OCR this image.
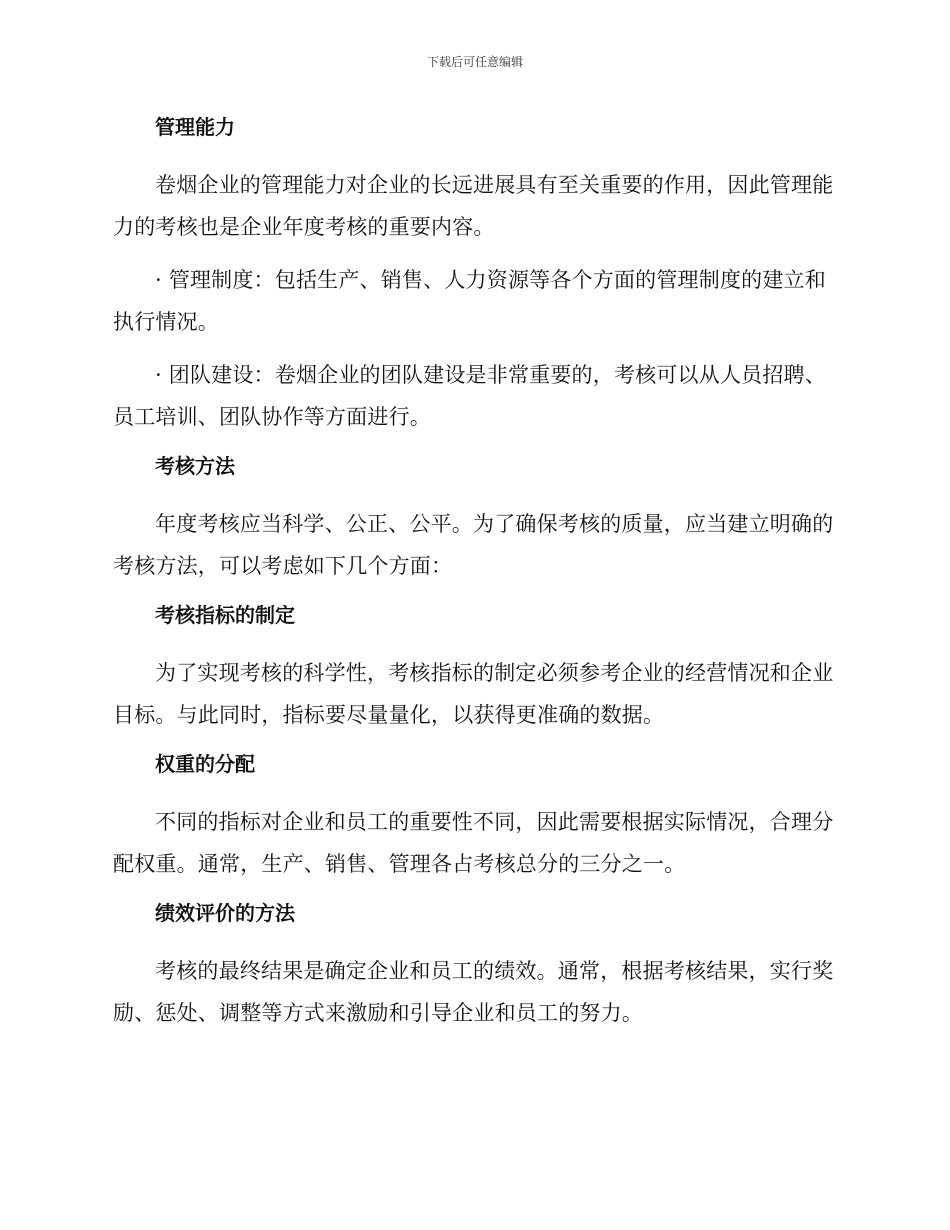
下载后可任意编辑
管理能力

卷烟企业的管理能力对企业的长远进展具有至关重要的作用，因此管理能力的考核也是企业年度考核的重要内容。

· 管理制度：包括生产、销售、人力资源等各个方面的管理制度的建立和执行情况。

· 团队建设：卷烟企业的团队建设是非常重要的，考核可以从人员招聘、员工培训、团队协作等方面进行。

考核方法

年度考核应当科学、公正、公平。为了确保考核的质量，应当建立明确的考核方法，可以考虑如下几个方面：

考核指标的制定

为了实现考核的科学性，考核指标的制定必须参考企业的经营情况和企业目标。与此同时，指标要尽量量化，以获得更准确的数据。

权重的分配

不同的指标对企业和员工的重要性不同，因此需要根据实际情况，合理分配权重。通常，生产、销售、管理各占考核总分的三分之一。

绩效评价的方法

考核的最终结果是确定企业和员工的绩效。通常，根据考核结果，实行奖励、惩处、调整等方式来激励和引导企业和员工的努力。
